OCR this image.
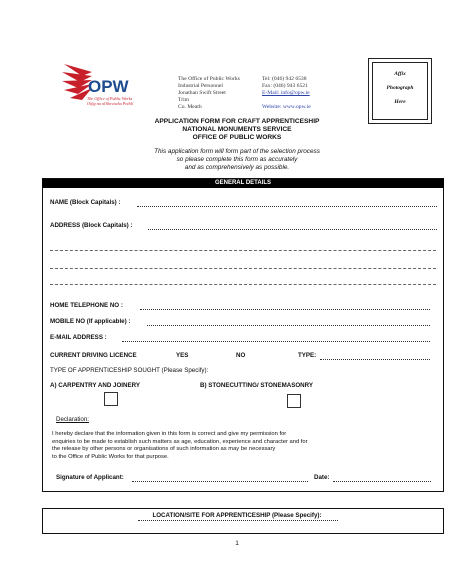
OPW
The Office of Public Works
Oifig na nOibreacha Poiblí
The Office of Public Works
Industrial Personnel
Jonathan Swift Street
Trim
Co. Meath
Tel: (046) 942 6538
Fax: (046) 943 6521
E-Mail: info@opw.ie
Website: www.opw.ie
Affix
Photograph
Here
APPLICATION FORM FOR CRAFT APPRENTICESHIP
NATIONAL MONUMENTS SERVICE
OFFICE OF PUBLIC WORKS
This application form will form part of the selection process
so please complete this form as accurately
and as comprehensively as possible.
GENERAL DETAILS
NAME (Block Capitals) :
ADDRESS (Block Capitals) :
HOME TELEPHONE NO :
MOBILE NO (If applicable) :
E-MAIL ADDRESS :
CURRENT DRIVING LICENCE	YES	NO	TYPE:
TYPE OF APPRENTICESHIP SOUGHT (Please Specify):
A) CARPENTRY AND JOINERY	B) STONECUTTING/ STONEMASONRY
Declaration:
I hereby declare that the information given in this form is correct and give my permission for
enquiries to be made to establish such matters as age, education, experience and character and for
the release by other persons or organisations of such information as may be necessary
to the Office of Public Works for that purpose.
Signature of Applicant:	Date:
LOCATION/SITE FOR APPRENTICESHIP (Please Specify):
1
